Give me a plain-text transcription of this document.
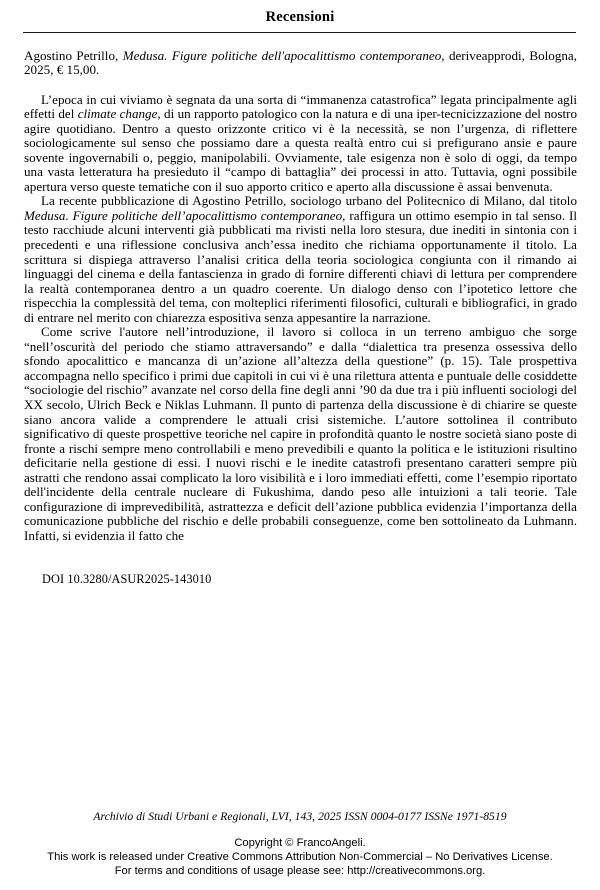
Recensioni

Agostino Petrillo, Medusa. Figure politiche dell'apocalittismo contemporaneo, deriveapprodi, Bologna, 2025, € 15,00.

L’epoca in cui viviamo è segnata da una sorta di “immanenza catastrofica” legata principalmente agli effetti del climate change, di un rapporto patologico con la natura e di una iper-tecnicizzazione del nostro agire quotidiano. Dentro a questo orizzonte critico vi è la necessità, se non l’urgenza, di riflettere sociologicamente sul senso che possiamo dare a questa realtà entro cui si prefigurano ansie e paure sovente ingovernabili o, peggio, manipolabili. Ovviamente, tale esigenza non è solo di oggi, da tempo una vasta letteratura ha presieduto il “campo di battaglia” dei processi in atto. Tuttavia, ogni possibile apertura verso queste tematiche con il suo apporto critico e aperto alla discussione è assai benvenuta.

La recente pubblicazione di Agostino Petrillo, sociologo urbano del Politecnico di Milano, dal titolo Medusa. Figure politiche dell’apocalittismo contemporaneo, raffigura un ottimo esempio in tal senso. Il testo racchiude alcuni interventi già pubblicati ma rivisti nella loro stesura, due inediti in sintonia con i precedenti e una riflessione conclusiva anch’essa inedito che richiama opportunamente il titolo. La scrittura si dispiega attraverso l’analisi critica della teoria sociologica congiunta con il rimando ai linguaggi del cinema e della fantascienza in grado di fornire differenti chiavi di lettura per comprendere la realtà contemporanea dentro a un quadro coerente. Un dialogo denso con l’ipotetico lettore che rispecchia la complessità del tema, con molteplici riferimenti filosofici, culturali e bibliografici, in grado di entrare nel merito con chiarezza espositiva senza appesantire la narrazione.

Come scrive l'autore nell’introduzione, il lavoro si colloca in un terreno ambiguo che sorge “nell’oscurità del periodo che stiamo attraversando” e dalla “dialettica tra presenza ossessiva dello sfondo apocalittico e mancanza di un’azione all’altezza della questione” (p. 15). Tale prospettiva accompagna nello specifico i primi due capitoli in cui vi è una rilettura attenta e puntuale delle cosiddette “sociologie del rischio” avanzate nel corso della fine degli anni ’90 da due tra i più influenti sociologi del XX secolo, Ulrich Beck e Niklas Luhmann. Il punto di partenza della discussione è di chiarire se queste siano ancora valide a comprendere le attuali crisi sistemiche. L’autore sottolinea il contributo significativo di queste prospettive teoriche nel capire in profondità quanto le nostre società siano poste di fronte a rischi sempre meno controllabili e meno prevedibili e quanto la politica e le istituzioni risultino deficitarie nella gestione di essi. I nuovi rischi e le inedite catastrofi presentano caratteri sempre più astratti che rendono assai complicato la loro visibilità e i loro immediati effetti, come l’esempio riportato dell'incidente della centrale nucleare di Fukushima, dando peso alle intuizioni a tali teorie. Tale configurazione di imprevedibilità, astrattezza e deficit dell’azione pubblica evidenzia l’importanza della comunicazione pubbliche del rischio e delle probabili conseguenze, come ben sottolineato da Luhmann. Infatti, si evidenzia il fatto che

DOI 10.3280/ASUR2025-143010
Archivio di Studi Urbani e Regionali, LVI, 143, 2025 ISSN 0004-0177 ISSNe 1971-8519
Copyright © FrancoAngeli.
This work is released under Creative Commons Attribution Non-Commercial – No Derivatives License.
For terms and conditions of usage please see: http://creativecommons.org.
